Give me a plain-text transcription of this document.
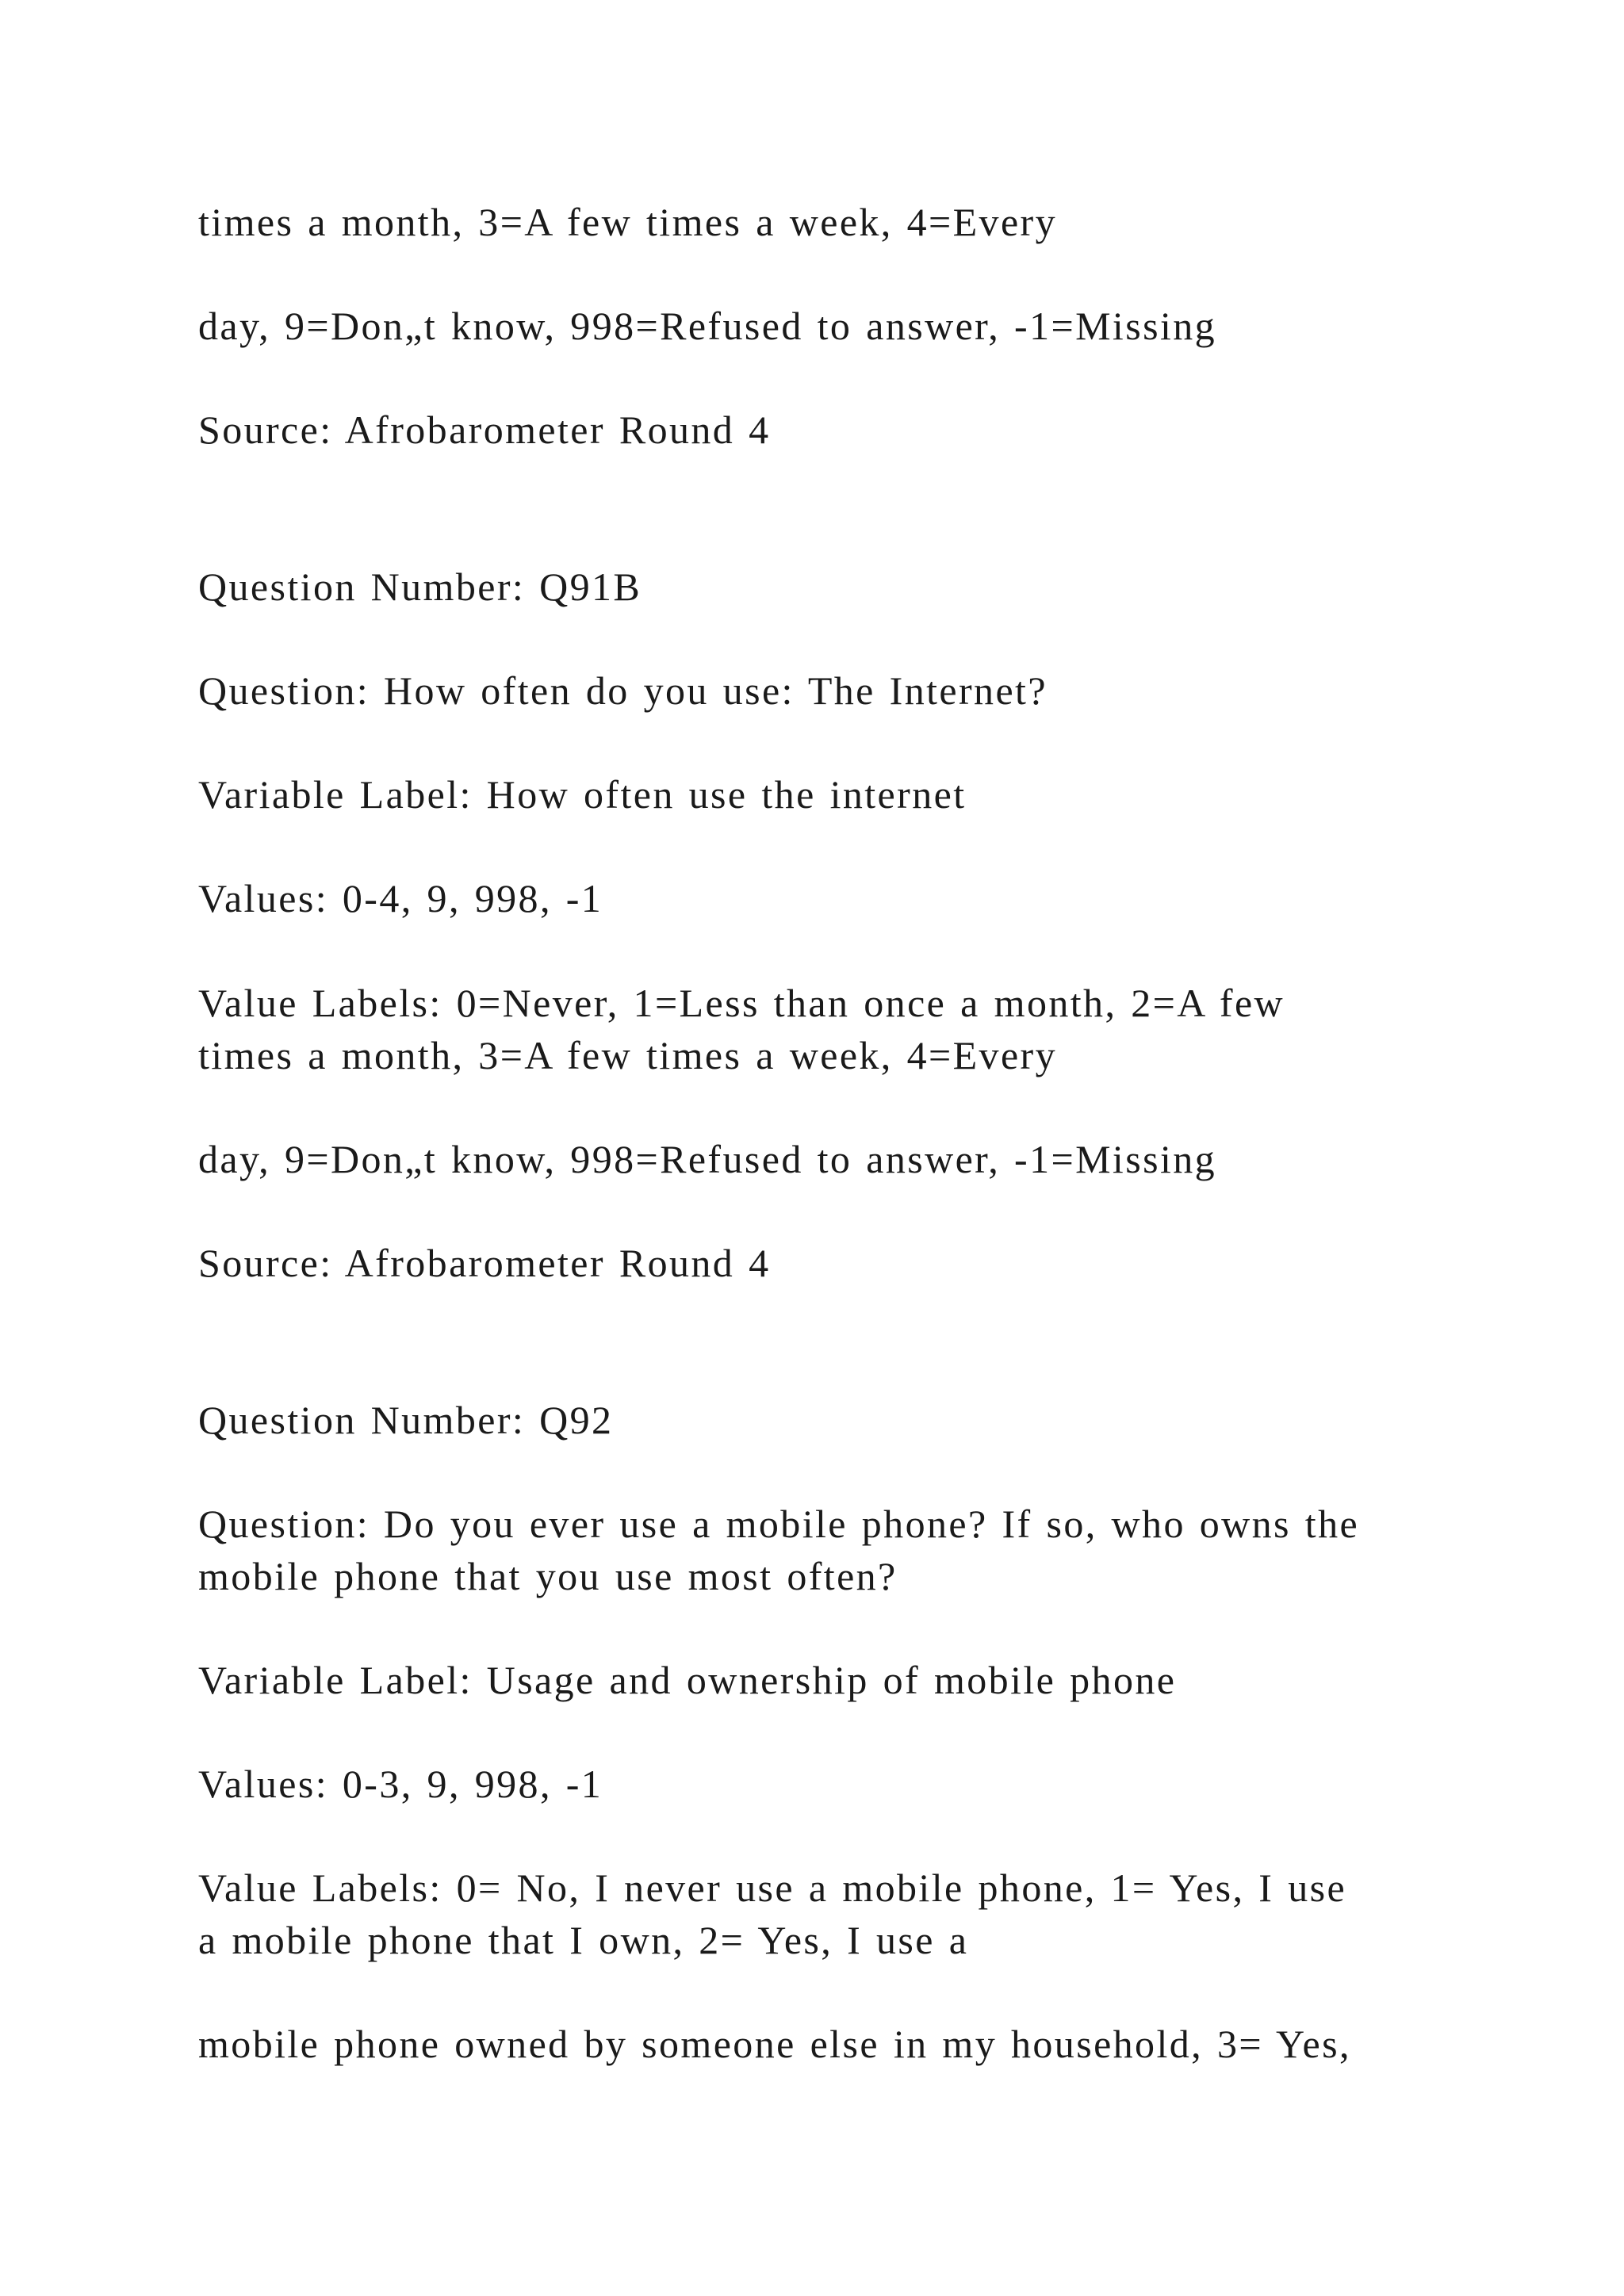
times a month, 3=A few times a week, 4=Every

day, 9=Don„t know, 998=Refused to answer, -1=Missing

Source: Afrobarometer Round 4

Question Number: Q91B

Question: How often do you use: The Internet?

Variable Label: How often use the internet

Values: 0-4, 9, 998, -1

Value Labels: 0=Never, 1=Less than once a month, 2=A few

times a month, 3=A few times a week, 4=Every

day, 9=Don„t know, 998=Refused to answer, -1=Missing

Source: Afrobarometer Round 4

Question Number: Q92

Question: Do you ever use a mobile phone? If so, who owns the

mobile phone that you use most often?

Variable Label: Usage and ownership of mobile phone

Values: 0-3, 9, 998, -1

Value Labels: 0= No, I never use a mobile phone, 1= Yes, I use

a mobile phone that I own, 2= Yes, I use a

mobile phone owned by someone else in my household, 3= Yes,
